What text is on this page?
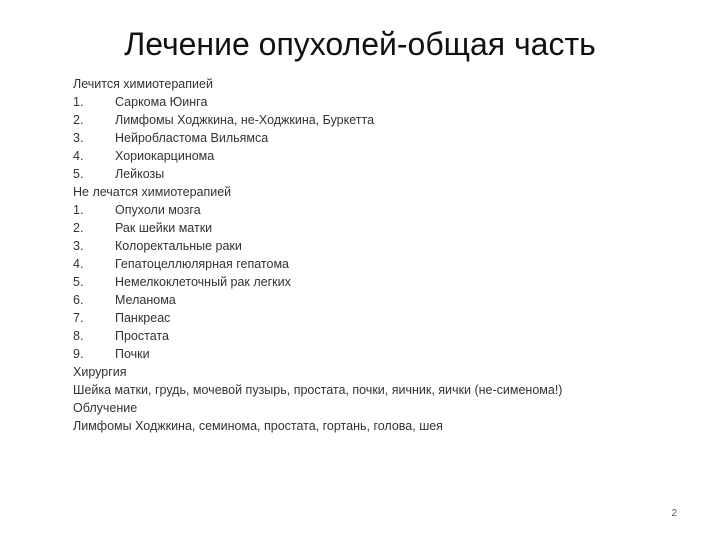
Лечение опухолей-общая часть
Лечится химиотерапией
1.	Саркома Юинга
2.	Лимфомы Ходжкина, не-Ходжкина, Буркетта
3.	Нейробластома Вильямса
4.	Хориокарцинома
5.	Лейкозы
Не лечатся химиотерапией
1.	Опухоли мозга
2.	Рак шейки матки
3.	Колоректальные раки
4.	Гепатоцеллюлярная гепатома
5.	Немелкоклеточный рак легких
6.	Меланома
7.	Панкреас
8.	Простата
9.	Почки
Хирургия
Шейка матки, грудь, мочевой пузырь, простата, почки, яичник, яички (не-сименома!)
Облучение
Лимфомы Ходжкина, семинома, простата, гортань, голова, шея
2
